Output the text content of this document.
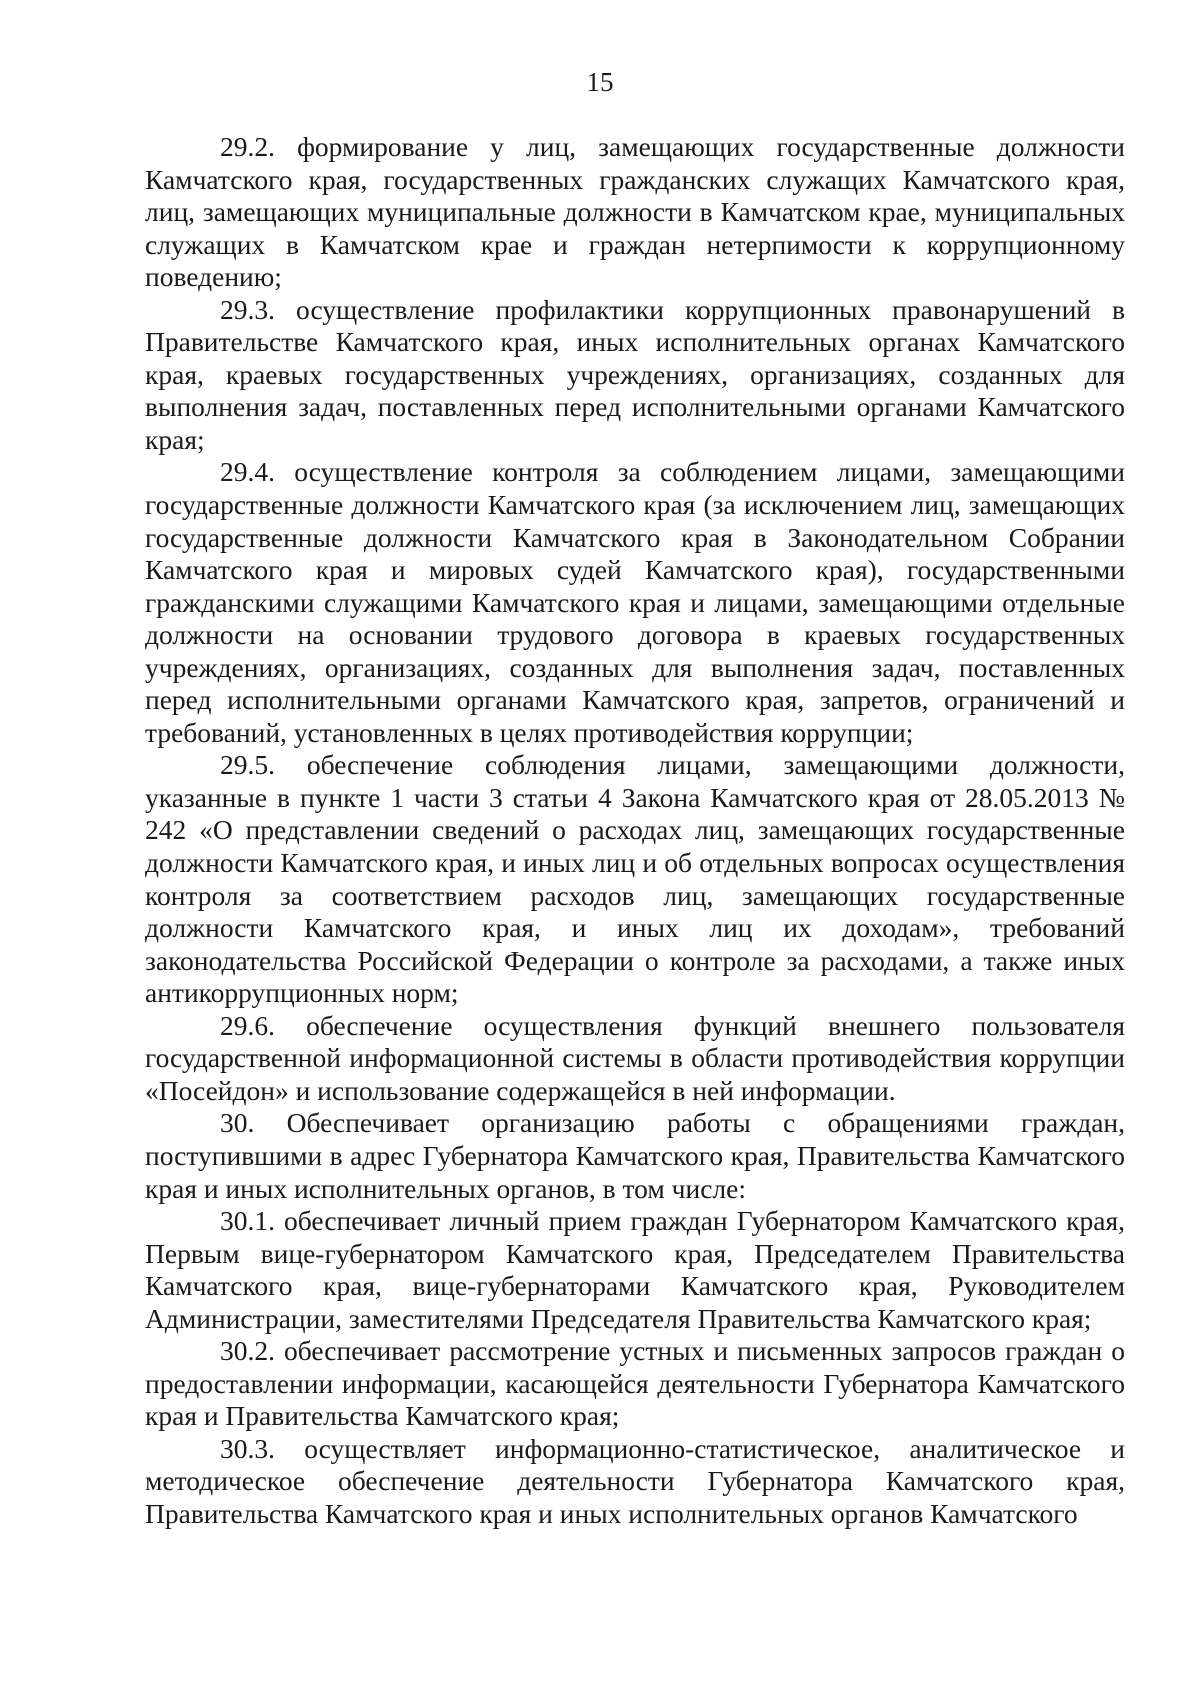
15

29.2. формирование у лиц, замещающих государственные должности Камчатского края, государственных гражданских служащих Камчатского края, лиц, замещающих муниципальные должности в Камчатском крае, муниципальных служащих в Камчатском крае и граждан нетерпимости к коррупционному поведению;

29.3. осуществление профилактики коррупционных правонарушений в Правительстве Камчатского края, иных исполнительных органах Камчатского края, краевых государственных учреждениях, организациях, созданных для выполнения задач, поставленных перед исполнительными органами Камчатского края;

29.4. осуществление контроля за соблюдением лицами, замещающими государственные должности Камчатского края (за исключением лиц, замещающих государственные должности Камчатского края в Законодательном Собрании Камчатского края и мировых судей Камчатского края), государственными гражданскими служащими Камчатского края и лицами, замещающими отдельные должности на основании трудового договора в краевых государственных учреждениях, организациях, созданных для выполнения задач, поставленных перед исполнительными органами Камчатского края, запретов, ограничений и требований, установленных в целях противодействия коррупции;

29.5. обеспечение соблюдения лицами, замещающими должности, указанные в пункте 1 части 3 статьи 4 Закона Камчатского края от 28.05.2013 № 242 «О представлении сведений о расходах лиц, замещающих государственные должности Камчатского края, и иных лиц и об отдельных вопросах осуществления контроля за соответствием расходов лиц, замещающих государственные должности Камчатского края, и иных лиц их доходам», требований законодательства Российской Федерации о контроле за расходами, а также иных антикоррупционных норм;

29.6. обеспечение осуществления функций внешнего пользователя государственной информационной системы в области противодействия коррупции «Посейдон» и использование содержащейся в ней информации.

30. Обеспечивает организацию работы с обращениями граждан, поступившими в адрес Губернатора Камчатского края, Правительства Камчатского края и иных исполнительных органов, в том числе:

30.1. обеспечивает личный прием граждан Губернатором Камчатского края, Первым вице-губернатором Камчатского края, Председателем Правительства Камчатского края, вице-губернаторами Камчатского края, Руководителем Администрации, заместителями Председателя Правительства Камчатского края;

30.2. обеспечивает рассмотрение устных и письменных запросов граждан о предоставлении информации, касающейся деятельности Губернатора Камчатского края и Правительства Камчатского края;

30.3. осуществляет информационно-статистическое, аналитическое и методическое обеспечение деятельности Губернатора Камчатского края, Правительства Камчатского края и иных исполнительных органов Камчатского
